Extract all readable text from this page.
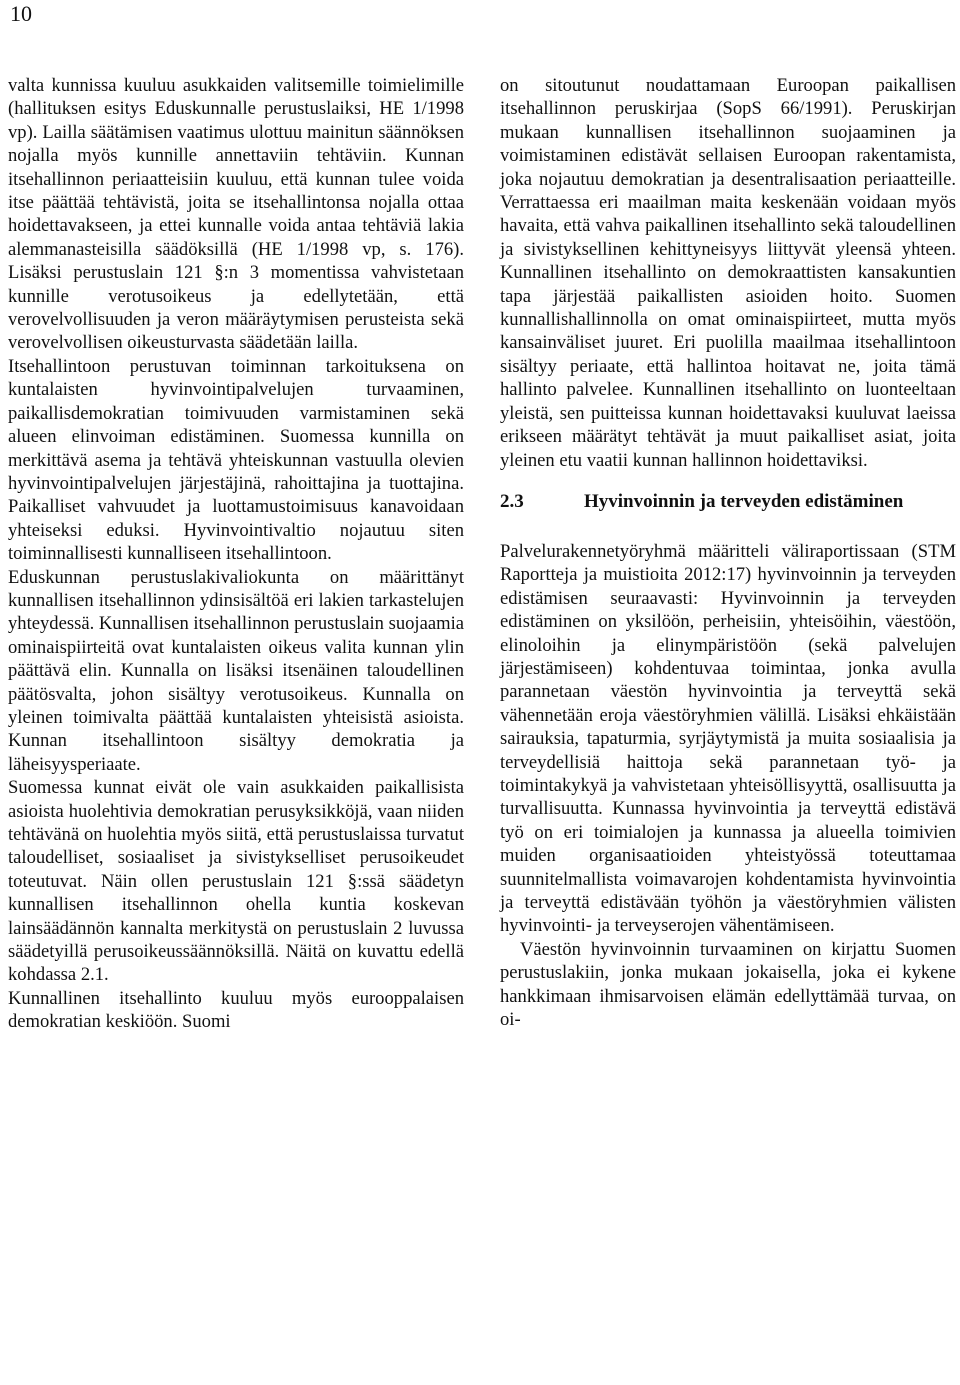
10

valta kunnissa kuuluu asukkaiden valitsemille toimielimille (hallituksen esitys Eduskunnalle perustuslaiksi, HE 1/1998 vp). Lailla säätämisen vaatimus ulottuu mainitun säännöksen nojalla myös kunnille annettaviin tehtäviin. Kunnan itsehallinnon periaatteisiin kuuluu, että kunnan tulee voida itse päättää tehtävistä, joita se itsehallintonsa nojalla ottaa hoidettavakseen, ja ettei kunnalle voida antaa tehtäviä lakia alemmanasteisilla säädöksillä (HE 1/1998 vp, s. 176). Lisäksi perustuslain 121 §:n 3 momentissa vahvistetaan kunnille verotusoikeus ja edellytetään, että verovelvollisuuden ja veron määräytymisen perusteista sekä verovelvollisen oikeusturvasta säädetään lailla.

Itsehallintoon perustuvan toiminnan tarkoituksena on kuntalaisten hyvinvointipalvelujen turvaaminen, paikallisdemokratian toimivuuden varmistaminen sekä alueen elinvoiman edistäminen. Suomessa kunnilla on merkittävä asema ja tehtävä yhteiskunnan vastuulla olevien hyvinvointipalvelujen järjestäjinä, rahoittajina ja tuottajina. Paikalliset vahvuudet ja luottamustoimisuus kanavoidaan yhteiseksi eduksi. Hyvinvointivaltio nojautuu siten toiminnallisesti kunnalliseen itsehallintoon.

Eduskunnan perustuslakivaliokunta on määrittänyt kunnallisen itsehallinnon ydinsisältöä eri lakien tarkastelujen yhteydessä. Kunnallisen itsehallinnon perustuslain suojaamia ominaispiirteitä ovat kuntalaisten oikeus valita kunnan ylin päättävä elin. Kunnalla on lisäksi itsenäinen taloudellinen päätösvalta, johon sisältyy verotusoikeus. Kunnalla on yleinen toimivalta päättää kuntalaisten yhteisistä asioista. Kunnan itsehallintoon sisältyy demokratia ja läheisyysperiaate.

Suomessa kunnat eivät ole vain asukkaiden paikallisista asioista huolehtivia demokratian perusyksikköjä, vaan niiden tehtävänä on huolehtia myös siitä, että perustuslaissa turvatut taloudelliset, sosiaaliset ja sivistykselliset perusoikeudet toteutuvat. Näin ollen perustuslain 121 §:ssä säädetyn kunnallisen itsehallinnon ohella kuntia koskevan lainsäädännön kannalta merkitystä on perustuslain 2 luvussa säädetyillä perusoikeussäännöksillä. Näitä on kuvattu edellä kohdassa 2.1.

Kunnallinen itsehallinto kuuluu myös eurooppalaisen demokratian keskiöön. Suomi

on sitoutunut noudattamaan Euroopan paikallisen itsehallinnon peruskirjaa (SopS 66/1991). Peruskirjan mukaan kunnallisen itsehallinnon suojaaminen ja voimistaminen edistävät sellaisen Euroopan rakentamista, joka nojautuu demokratian ja desentralisaation periaatteille. Verrattaessa eri maailman maita keskenään voidaan myös havaita, että vahva paikallinen itsehallinto sekä taloudellinen ja sivistyksellinen kehittyneisyys liittyvät yleensä yhteen. Kunnallinen itsehallinto on demokraattisten kansakuntien tapa järjestää paikallisten asioiden hoito. Suomen kunnallishallinnolla on omat ominaispiirteet, mutta myös kansainväliset juuret. Eri puolilla maailmaa itsehallintoon sisältyy periaate, että hallintoa hoitavat ne, joita tämä hallinto palvelee. Kunnallinen itsehallinto on luonteeltaan yleistä, sen puitteissa kunnan hoidettavaksi kuuluvat laeissa erikseen määrätyt tehtävät ja muut paikalliset asiat, joita yleinen etu vaatii kunnan hallinnon hoidettaviksi.

2.3	Hyvinvoinnin ja terveyden edistäminen

Palvelurakennetyöryhmä määritteli väliraportissaan (STM Raportteja ja muistioita 2012:17) hyvinvoinnin ja terveyden edistämisen seuraavasti: Hyvinvoinnin ja terveyden edistäminen on yksilöön, perheisiin, yhteisöihin, väestöön, elinoloihin ja elinympäristöön (sekä palvelujen järjestämiseen) kohdentuvaa toimintaa, jonka avulla parannetaan väestön hyvinvointia ja terveyttä sekä vähennetään eroja väestöryhmien välillä. Lisäksi ehkäistään sairauksia, tapaturmia, syrjäytymistä ja muita sosiaalisia ja terveydellisiä haittoja sekä parannetaan työ- ja toimintakykyä ja vahvistetaan yhteisöllisyyttä, osallisuutta ja turvallisuutta. Kunnassa hyvinvointia ja terveyttä edistävä työ on eri toimialojen ja kunnassa ja alueella toimivien muiden organisaatioiden yhteistyössä toteuttamaa suunnitelmallista voimavarojen kohdentamista hyvinvointia ja terveyttä edistävään työhön ja väestöryhmien välisten hyvinvointi- ja terveyserojen vähentämiseen.

Väestön hyvinvoinnin turvaaminen on kirjattu Suomen perustuslakiin, jonka mukaan jokaisella, joka ei kykene hankkimaan ihmisarvoisen elämän edellyttämää turvaa, on oi-
